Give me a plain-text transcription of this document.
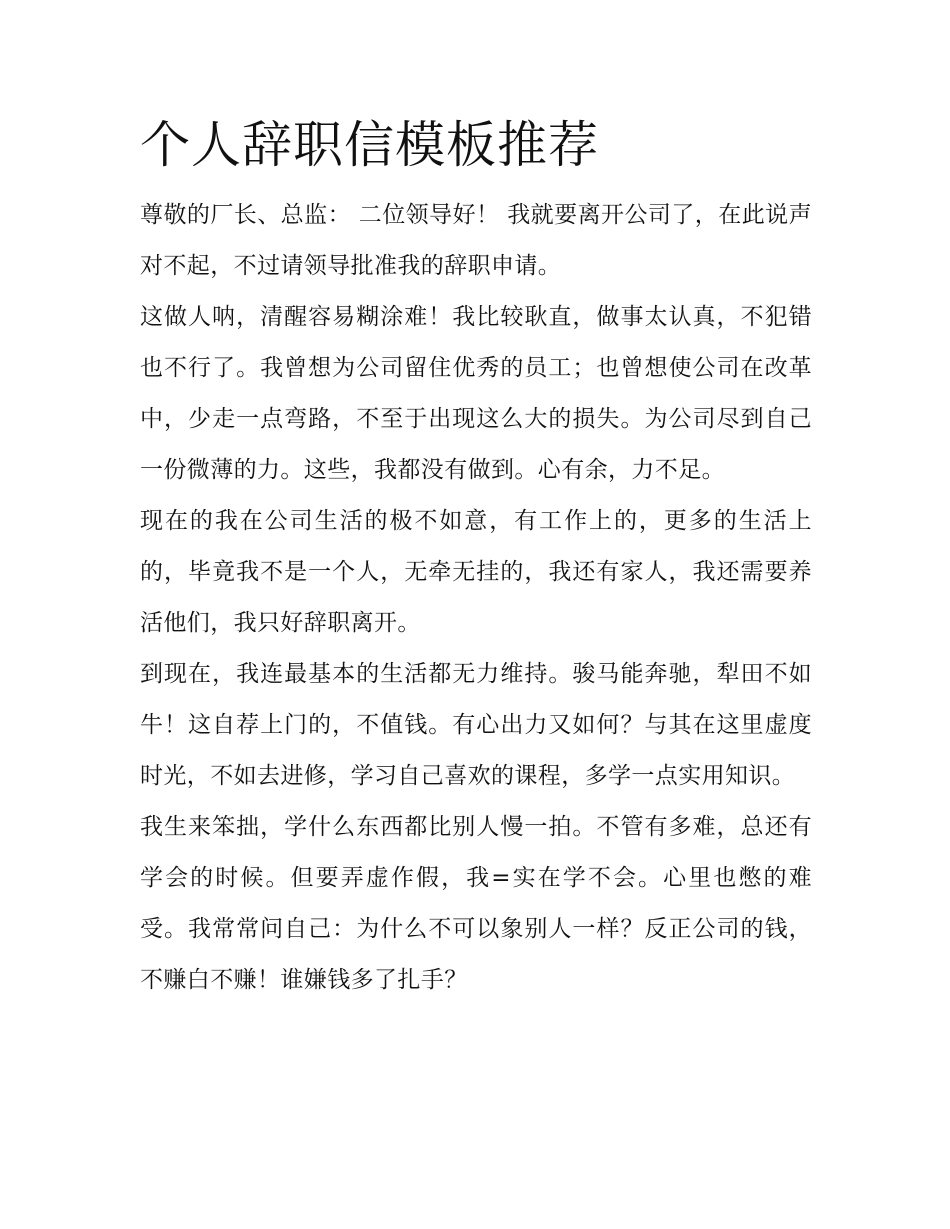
个人辞职信模板推荐

尊敬的厂长、总监： 二位领导好！ 我就要离开公司了，在此说声对不起，不过请领导批准我的辞职申请。

这做人呐，清醒容易糊涂难！我比较耿直，做事太认真，不犯错也不行了。我曾想为公司留住优秀的员工；也曾想使公司在改革中，少走一点弯路，不至于出现这么大的损失。为公司尽到自己一份微薄的力。这些，我都没有做到。心有余，力不足。

现在的我在公司生活的极不如意，有工作上的，更多的生活上的，毕竟我不是一个人，无牵无挂的，我还有家人，我还需要养活他们，我只好辞职离开。

到现在，我连最基本的生活都无力维持。骏马能奔驰，犁田不如牛！这自荐上门的，不值钱。有心出力又如何？与其在这里虚度时光，不如去进修，学习自己喜欢的课程，多学一点实用知识。

我生来笨拙，学什么东西都比别人慢一拍。不管有多难，总还有学会的时候。但要弄虚作假，我=实在学不会。心里也憋的难受。我常常问自己：为什么不可以象别人一样？反正公司的钱，不赚白不赚！谁嫌钱多了扎手？
